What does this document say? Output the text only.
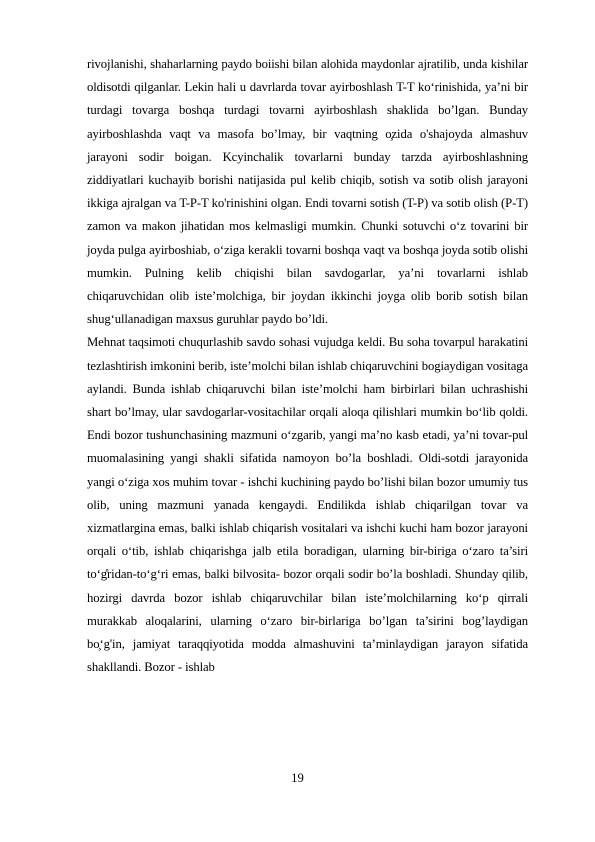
rivojlanishi, shaharlarning paydo boiishi bilan alohida maydonlar ajratilib, unda kishilar oldisotdi qilganlar. Lekin hali u davrlarda tovar ayirboshlash T-T ko‘rinishida, ya’ni bir turdagi tovarga boshqa turdagi tovarni ayirboshlash shaklida bo’lgan. Bunday ayirboshlashda vaqt va masofa bo’lmay, bir vaqtning o̧zida o'shajoyda almashuv jarayoni sodir boigan. Kcyinchalik tovarlarni bunday tarzda ayirboshlashning ziddiyatlari kuchayib borishi natijasida pul kelib chiqib, sotish va sotib olish jarayoni ikkiga ajralgan va T-P-T ko'rinishini olgan. Endi tovarni sotish (T-P) va sotib olish (P-T) zamon va makon jihatidan mos kelmasligi mumkin. Chunki sotuvchi o‘z tovarini bir joyda pulga ayirboshiab, o‘ziga kerakli tovarni boshqa vaqt va boshqa joyda sotib olishi mumkin. Pulning kelib chiqishi bilan savdogarlar, ya’ni tovarlarni ishlab chiqaruvchidan olib iste’molchiga, bir joydan ikkinchi joyga olib borib sotish bilan shug‘ullanadigan maxsus guruhlar paydo bo’ldi.

Mehnat taqsimoti chuqurlashib savdo sohasi vujudga keldi. Bu soha tovarpul harakatini tezlashtirish imkonini berib, iste’molchi bilan ishlab chiqaruvchini bogiaydigan vositaga aylandi. Bunda ishlab chiqaruvchi bilan iste’molchi ham birbirlari bilan uchrashishi shart bo’lmay, ular savdogarlar-vositachilar orqali aloqa qilishlari mumkin bo‘lib qoldi. Endi bozor tushunchasining mazmuni o‘zgarib, yangi ma’no kasb etadi, ya’ni tovar-pul muomalasining yangi shakli sifatida namoyon bo’la boshladi. Oldi-sotdi jarayonida yangi o‘ziga xos muhim tovar - ishchi kuchining paydo bo’lishi bilan bozor umumiy tus olib, uning mazmuni yanada kengaydi. Endilikda ishlab chiqarilgan tovar va xizmatlargina emas, balki ishlab chiqarish vositalari va ishchi kuchi ham bozor jarayoni orqali o‘tib, ishlab chiqarishga jalb etila boradigan, ularning bir-biriga o‘zaro ta’siri to‘g̊ridan-to‘g‘ri emas, balki bilvosita- bozor orqali sodir bo’la boshladi. Shunday qilib, hozirgi davrda bozor ishlab chiqaruvchilar bilan iste’molchilarning ko‘p qirrali murakkab aloqalarini, ularning o‘zaro bir-birlariga bo’lgan ta’sirini bog’laydigan bo̧‘g'in, jamiyat taraqqiyotida modda almashuvini ta’minlaydigan jarayon sifatida shakllandi. Bozor - ishlab

19
